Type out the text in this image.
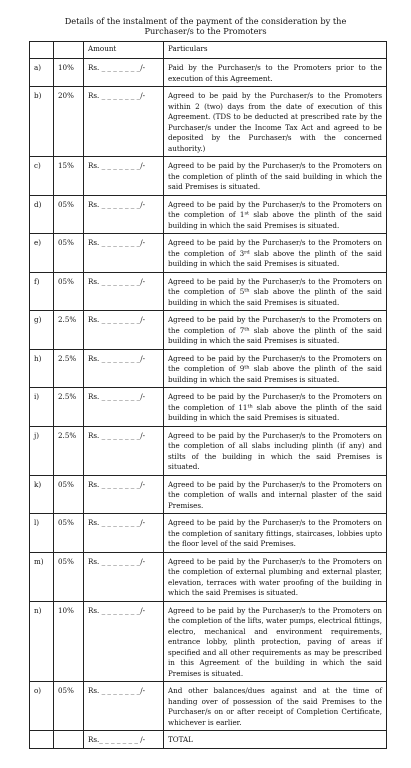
Details of the instalment of the payment of the consideration by the
Purchaser/s to the Promoters
		Amount	Particulars
a)	10%	Rs. _ _ _ _ _ _ _/-	Paid by the Purchaser/s to the Promoters prior to the execution of this Agreement.
b)	20%	Rs. _ _ _ _ _ _ _/-	Agreed to be paid by the Purchaser/s to the Promoters within 2 (two) days from the date of execution of this Agreement. (TDS to be deducted at prescribed rate by the Purchaser/s under the Income Tax Act and agreed to be deposited by the Purchaser/s with the concerned authority.)
c)	15%	Rs. _ _ _ _ _ _ _/-	Agreed to be paid by the Purchaser/s to the Promoters on the completion of plinth of the said building in which the said Premises is situated.
d)	05%	Rs. _ _ _ _ _ _ _/-	Agreed to be paid by the Purchaser/s to the Promoters on the completion of 1st slab above the plinth of the said building in which the said Premises is situated.
e)	05%	Rs. _ _ _ _ _ _ _/-	Agreed to be paid by the Purchaser/s to the Promoters on the completion of 3rd slab above the plinth of the said building in which the said Premises is situated.
f)	05%	Rs. _ _ _ _ _ _ _/-	Agreed to be paid by the Purchaser/s to the Promoters on the completion of 5th slab above the plinth of the said building in which the said Premises is situated.
g)	2.5%	Rs. _ _ _ _ _ _ _/-	Agreed to be paid by the Purchaser/s to the Promoters on the completion of 7th slab above the plinth of the said building in which the said Premises is situated.
h)	2.5%	Rs. _ _ _ _ _ _ _/-	Agreed to be paid by the Purchaser/s to the Promoters on the completion of 9th slab above the plinth of the said building in which the said Premises is situated.
i)	2.5%	Rs. _ _ _ _ _ _ _/-	Agreed to be paid by the Purchaser/s to the Promoters on the completion of 11th slab above the plinth of the said building in which the said Premises is situated.
j)	2.5%	Rs. _ _ _ _ _ _ _/-	Agreed to be paid by the Purchaser/s to the Promoters on the completion of all slabs including plinth (if any) and stilts of the building in which the said Premises is situated.
k)	05%	Rs. _ _ _ _ _ _ _/-	Agreed to be paid by the Purchaser/s to the Promoters on the completion of walls and internal plaster of the said Premises.
l)	05%	Rs. _ _ _ _ _ _ _/-	Agreed to be paid by the Purchaser/s to the Promoters on the completion of sanitary fittings, staircases, lobbies upto the floor level of the said Premises.
m)	05%	Rs. _ _ _ _ _ _ _/-	Agreed to be paid by the Purchaser/s to the Promoters on the completion of external plumbing and external plaster, elevation, terraces with water proofing of the building in which the said Premises is situated.
n)	10%	Rs. _ _ _ _ _ _ _/-	Agreed to be paid by the Purchaser/s to the Promoters on the completion of the lifts, water pumps, electrical fittings, electro, mechanical and environment requirements, entrance lobby, plinth protection, paving of areas if specified and all other requirements as may be prescribed in this Agreement of the building in which the said Premises is situated.
o)	05%	Rs. _ _ _ _ _ _ _/-	And other balances/dues against and at the time of handing over of possession of the said Premises to the Purchaser/s on or after receipt of Completion Certificate, whichever is earlier.
		Rs._ _ _ _ _ _ _ /-	TOTAL
